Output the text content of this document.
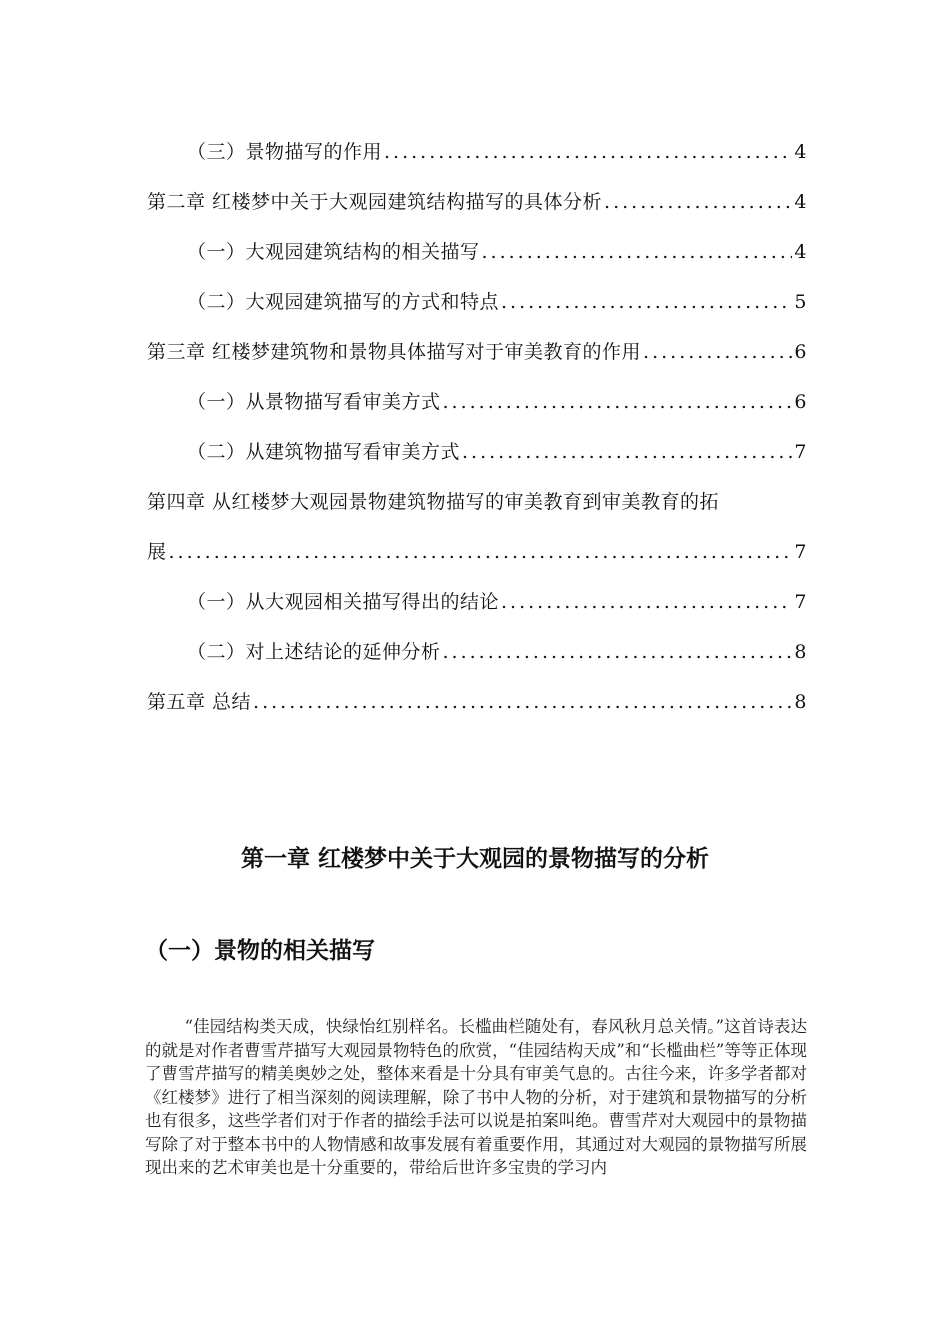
（三）景物描写的作用 .....	4
第二章 红楼梦中关于大观园建筑结构描写的具体分析 .....	4
（一）大观园建筑结构的相关描写 .....	4
（二）大观园建筑描写的方式和特点 .....	5
第三章 红楼梦建筑物和景物具体描写对于审美教育的作用 .....	6
（一）从景物描写看审美方式 .....	6
（二）从建筑物描写看审美方式 .....	7
第四章 从红楼梦大观园景物建筑物描写的审美教育到审美教育的拓
展 .....	7
（一）从大观园相关描写得出的结论 .....	7
（二）对上述结论的延伸分析 .....	8
第五章 总结 .....	8
第一章 红楼梦中关于大观园的景物描写的分析
（一）景物的相关描写

“佳园结构类天成，快绿怡红别样名。长槛曲栏随处有，春风秋月总关情。”这首诗表达的就是对作者曹雪芹描写大观园景物特色的欣赏，“佳园结构天成”和“长槛曲栏”等等正体现了曹雪芹描写的精美奥妙之处，整体来看是十分具有审美气息的。古往今来，许多学者都对《红楼梦》进行了相当深刻的阅读理解，除了书中人物的分析，对于建筑和景物描写的分析也有很多，这些学者们对于作者的描绘手法可以说是拍案叫绝。曹雪芹对大观园中的景物描写除了对于整本书中的人物情感和故事发展有着重要作用，其通过对大观园的景物描写所展现出来的艺术审美也是十分重要的，带给后世许多宝贵的学习内
